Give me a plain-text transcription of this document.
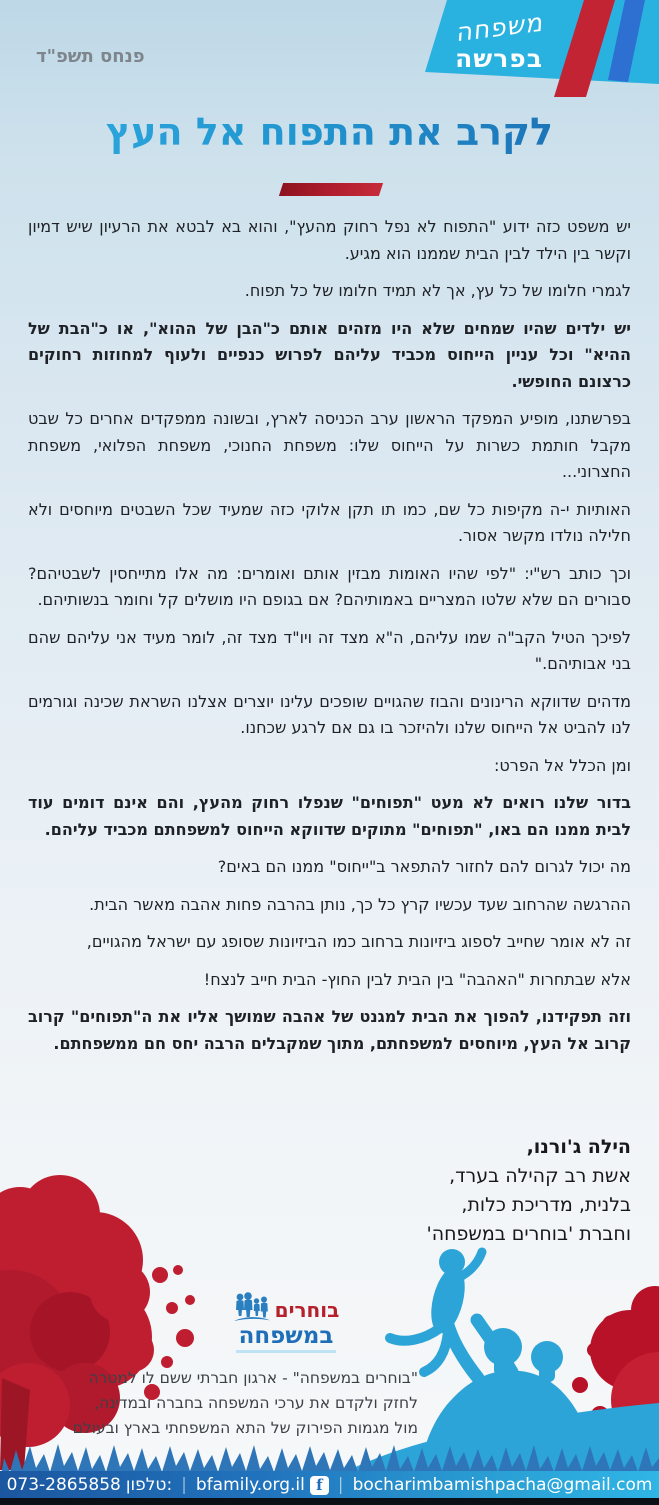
משפחה
בפרשה
פנחס תשפ"ד
לקרב את התפוח אל העץ

יש משפט כזה ידוע "התפוח לא נפל רחוק מהעץ", והוא בא לבטא את הרעיון שיש דמיון וקשר בין הילד לבין הבית שממנו הוא מגיע.

לגמרי חלומו של כל עץ, אך לא תמיד חלומו של כל תפוח.

יש ילדים שהיו שמחים שלא היו מזהים אותם כ"הבן של ההוא", או כ"הבת של ההיא" וכל עניין הייחוס מכביד עליהם לפרוש כנפיים ולעוף למחוזות רחוקים כרצונם החופשי.

בפרשתנו, מופיע המפקד הראשון ערב הכניסה לארץ, ובשונה ממפקדים אחרים כל שבט מקבל חותמת כשרות על הייחוס שלו: משפחת החנוכי, משפחת הפלואי, משפחת החצרוני...

האותיות י-ה מקיפות כל שם, כמו תו תקן אלוקי כזה שמעיד שכל השבטים מיוחסים ולא חלילה נולדו מקשר אסור.

וכך כותב רש"י: "לפי שהיו האומות מבזין אותם ואומרים: מה אלו מתייחסין לשבטיהם? סבורים הם שלא שלטו המצריים באמותיהם? אם בגופם היו מושלים קל וחומר בנשותיהם.

לפיכך הטיל הקב"ה שמו עליהם, ה"א מצד זה ויו"ד מצד זה, לומר מעיד אני עליהם שהם בני אבותיהם."

מדהים שדווקא הרינונים והבוז שהגויים שופכים עלינו יוצרים אצלנו השראת שכינה וגורמים לנו להביט אל הייחוס שלנו ולהיזכר בו גם אם לרגע שכחנו.

ומן הכלל אל הפרט:

בדור שלנו רואים לא מעט "תפוחים" שנפלו רחוק מהעץ, והם אינם דומים עוד לבית ממנו הם באו, "תפוחים" מתוקים שדווקא הייחוס למשפחתם מכביד עליהם.

מה יכול לגרום להם לחזור להתפאר ב"ייחוס" ממנו הם באים?

ההרגשה שהרחוב שעד עכשיו קרץ כל כך, נותן בהרבה פחות אהבה מאשר הבית.

זה לא אומר שחייב לספוג ביזיונות ברחוב כמו הביזיונות שסופג עם ישראל מהגויים,

אלא שבתחרות "האהבה" בין הבית לבין החוץ- הבית חייב לנצח!

וזה תפקידנו, להפוך את הבית למגנט של אהבה שמושך אליו את ה"תפוחים" קרוב קרוב אל העץ, מיוחסים למשפחתם, מתוך שמקבלים הרבה יחס חם ממשפחתם.

הילה ג'ורנו,
אשת רב קהילה בערד,
בלנית, מדריכת כלות,
וחברת 'בוחרים במשפחה'
בוחרים
במשפחה
"בוחרים במשפחה" - ארגון חברתי ששם לו למטרה
לחזק ולקדם את ערכי המשפחה בחברה ובמדינה,
מול מגמות הפירוק של התא המשפחתי בארץ ובעולם
073-2865858 טלפון: | bfamily.org.il f | bocharimbamishpacha@gmail.com
